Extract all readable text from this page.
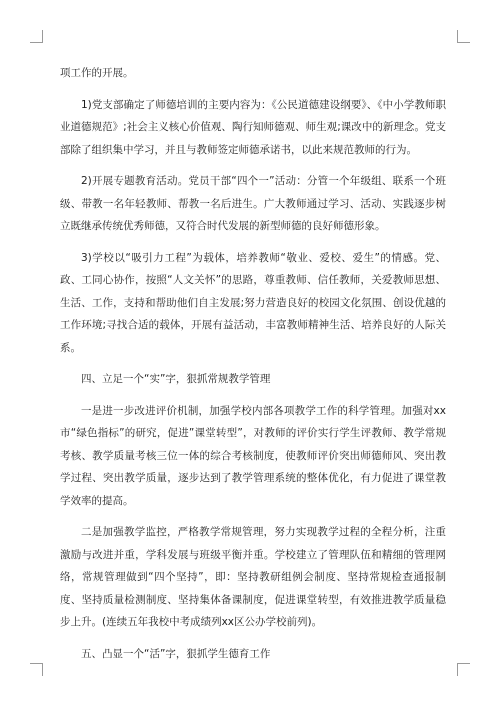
项工作的开展。

1)党支部确定了师德培训的主要内容为：《公民道德建设纲要》、《中小学教师职业道德规范》;社会主义核心价值观、陶行知师德观、师生观;课改中的新理念。党支部除了组织集中学习，并且与教师签定师德承诺书，以此来规范教师的行为。

2)开展专题教育活动。党员干部“四个一”活动：分管一个年级组、联系一个班级、带教一名年轻教师、帮教一名后进生。广大教师通过学习、活动、实践逐步树立既继承传统优秀师德，又符合时代发展的新型师德的良好师德形象。

3)学校以“吸引力工程”为载体，培养教师“敬业、爱校、爱生”的情感。党、政、工同心协作，按照“人文关怀”的思路，尊重教师、信任教师，关爱教师思想、生活、工作，支持和帮助他们自主发展;努力营造良好的校园文化氛围、创设优越的工作环境;寻找合适的载体，开展有益活动，丰富教师精神生活、培养良好的人际关系。

四、立足一个“实”字，狠抓常规教学管理

一是进一步改进评价机制，加强学校内部各项教学工作的科学管理。加强对xx市“绿色指标”的研究，促进”课堂转型”，对教师的评价实行学生评教师、教学常规考核、教学质量考核三位一体的综合考核制度，使教师评价突出师德师风、突出教学过程、突出教学质量，逐步达到了教学管理系统的整体优化，有力促进了课堂教学效率的提高。

二是加强教学监控，严格教学常规管理，努力实现教学过程的全程分析，注重激励与改进并重，学科发展与班级平衡并重。学校建立了管理队伍和精细的管理网络，常规管理做到“四个坚持”，即：坚持教研组例会制度、坚持常规检查通报制度、坚持质量检测制度、坚持集体备课制度，促进课堂转型，有效推进教学质量稳步上升。(连续五年我校中考成绩列xx区公办学校前列)。

五、凸显一个“活”字，狠抓学生德育工作
